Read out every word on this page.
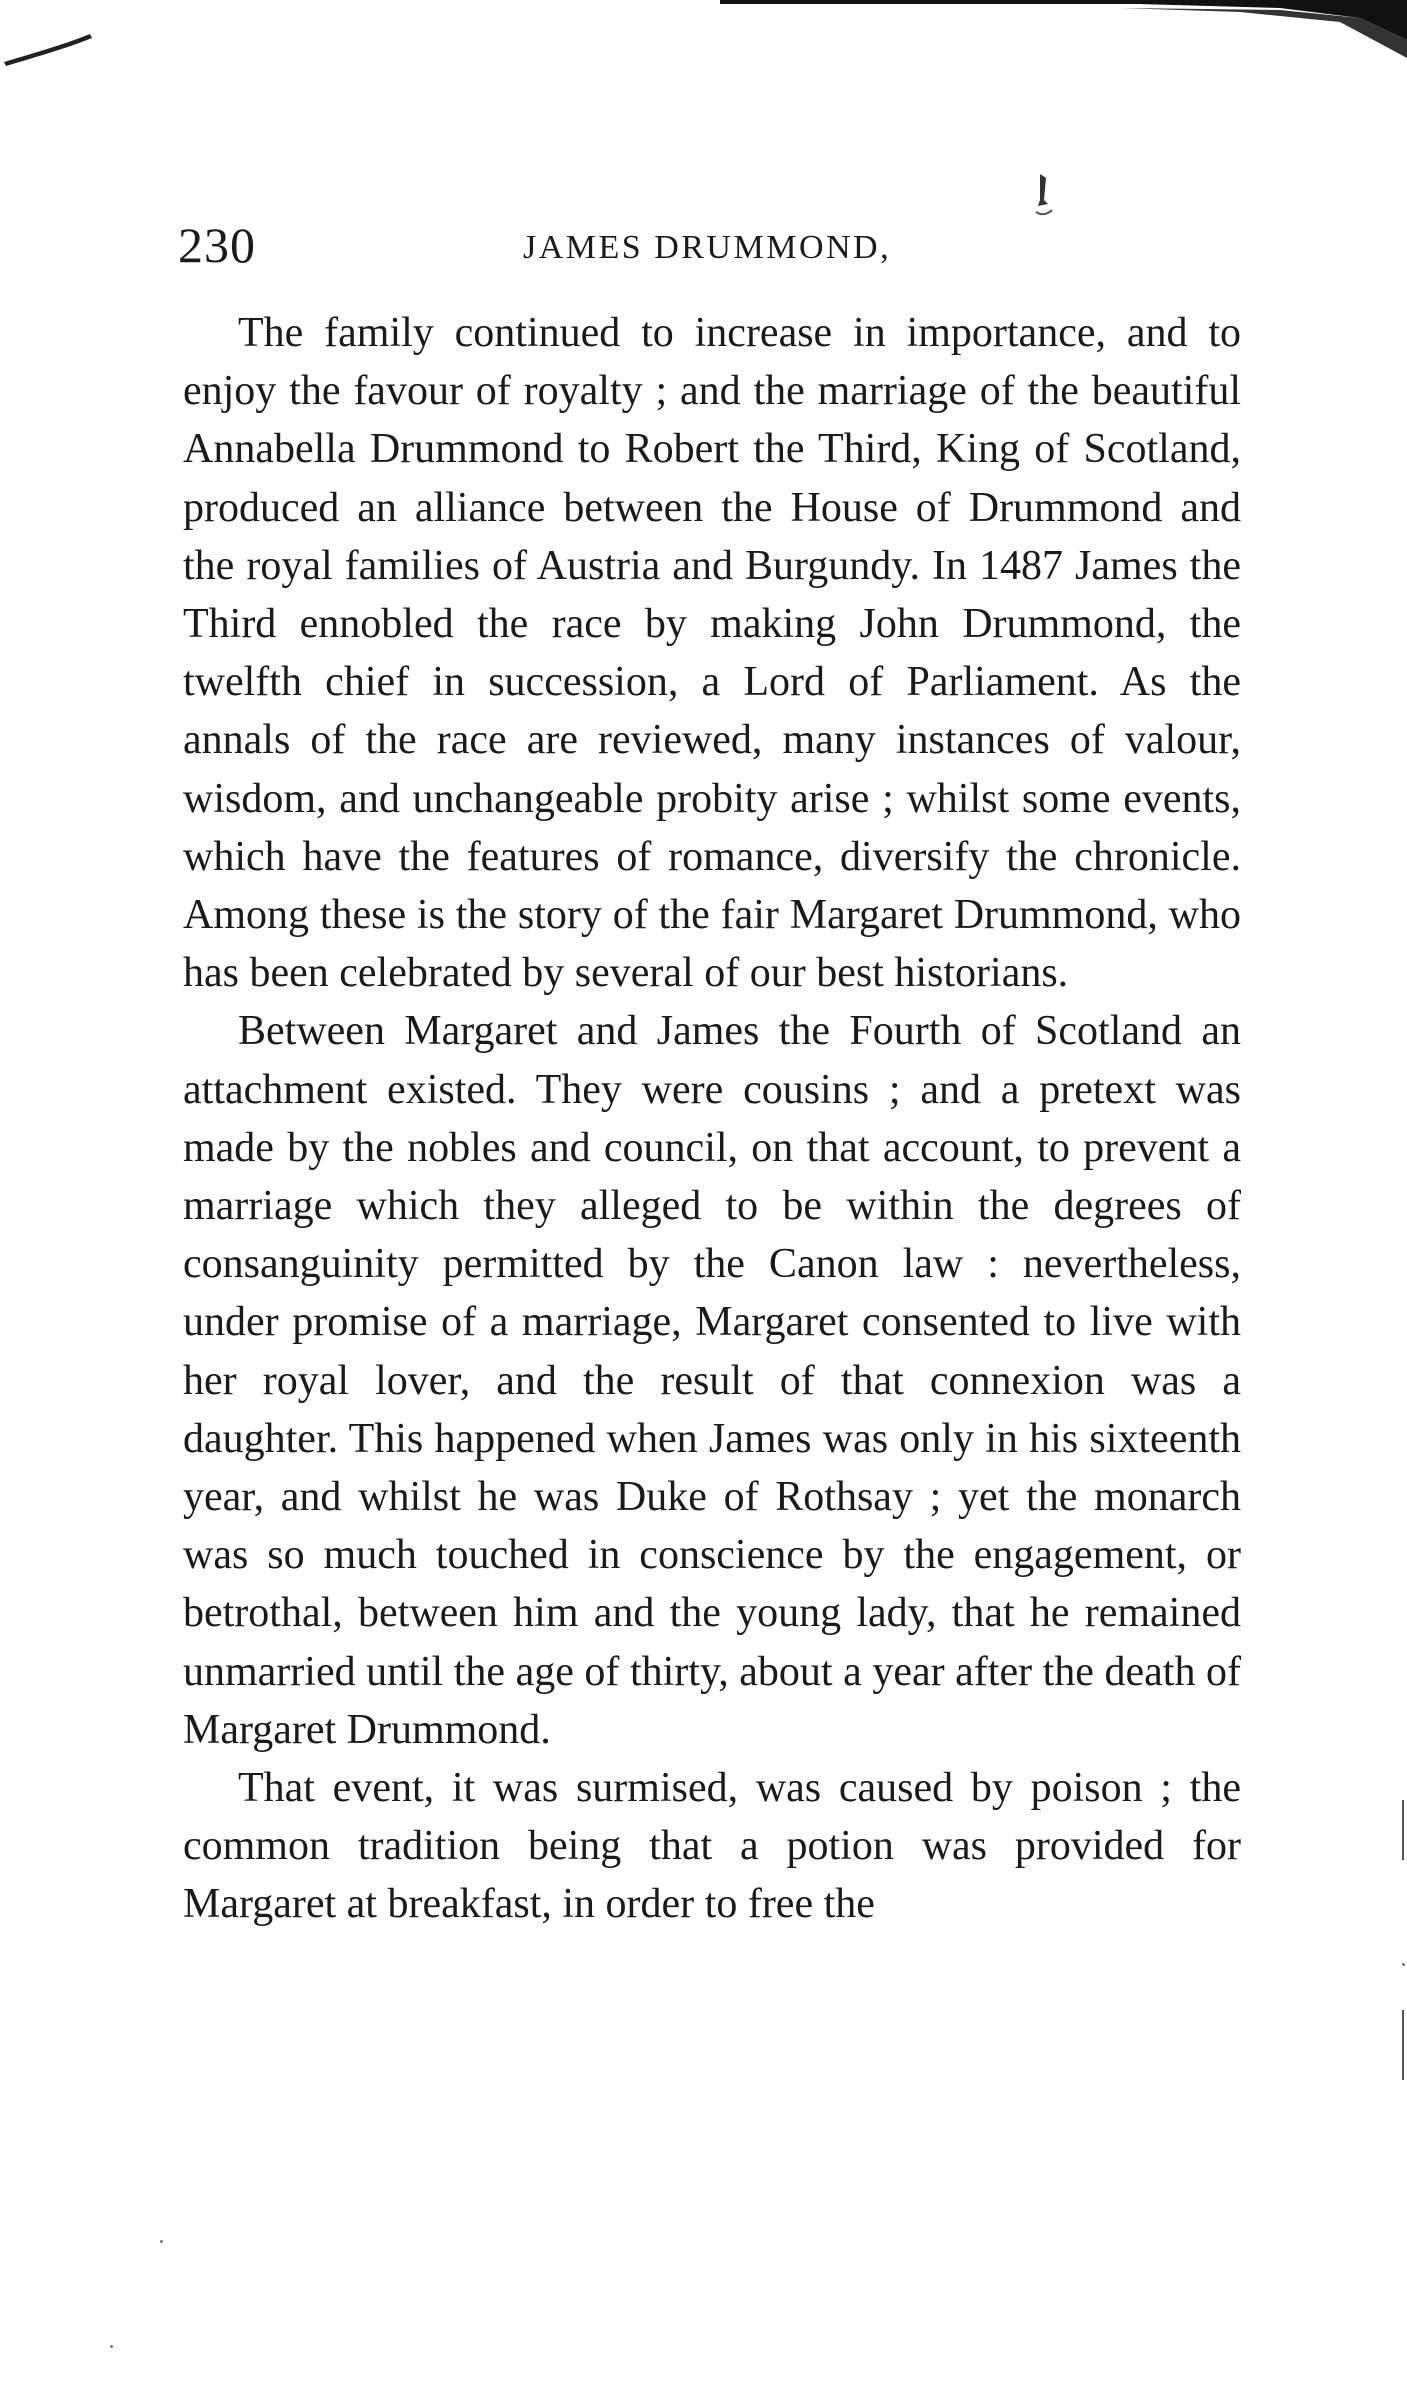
230	JAMES DRUMMOND,

The family continued to increase in importance, and to enjoy the favour of royalty ; and the marriage of the beautiful Annabella Drummond to Robert the Third, King of Scotland, produced an alliance between the House of Drummond and the royal families of Austria and Burgundy. In 1487 James the Third ennobled the race by making John Drummond, the twelfth chief in succession, a Lord of Parliament. As the annals of the race are reviewed, many instances of valour, wisdom, and unchangeable probity arise ; whilst some events, which have the features of romance, diversify the chronicle. Among these is the story of the fair Margaret Drummond, who has been celebrated by several of our best historians.

Between Margaret and James the Fourth of Scotland an attachment existed. They were cousins ; and a pretext was made by the nobles and council, on that account, to prevent a marriage which they alleged to be within the degrees of consanguinity permitted by the Canon law : nevertheless, under promise of a marriage, Margaret consented to live with her royal lover, and the result of that connexion was a daughter. This happened when James was only in his sixteenth year, and whilst he was Duke of Rothsay ; yet the monarch was so much touched in conscience by the engagement, or betrothal, between him and the young lady, that he remained unmarried until the age of thirty, about a year after the death of Margaret Drummond.

That event, it was surmised, was caused by poison ; the common tradition being that a potion was provided for Margaret at breakfast, in order to free the
